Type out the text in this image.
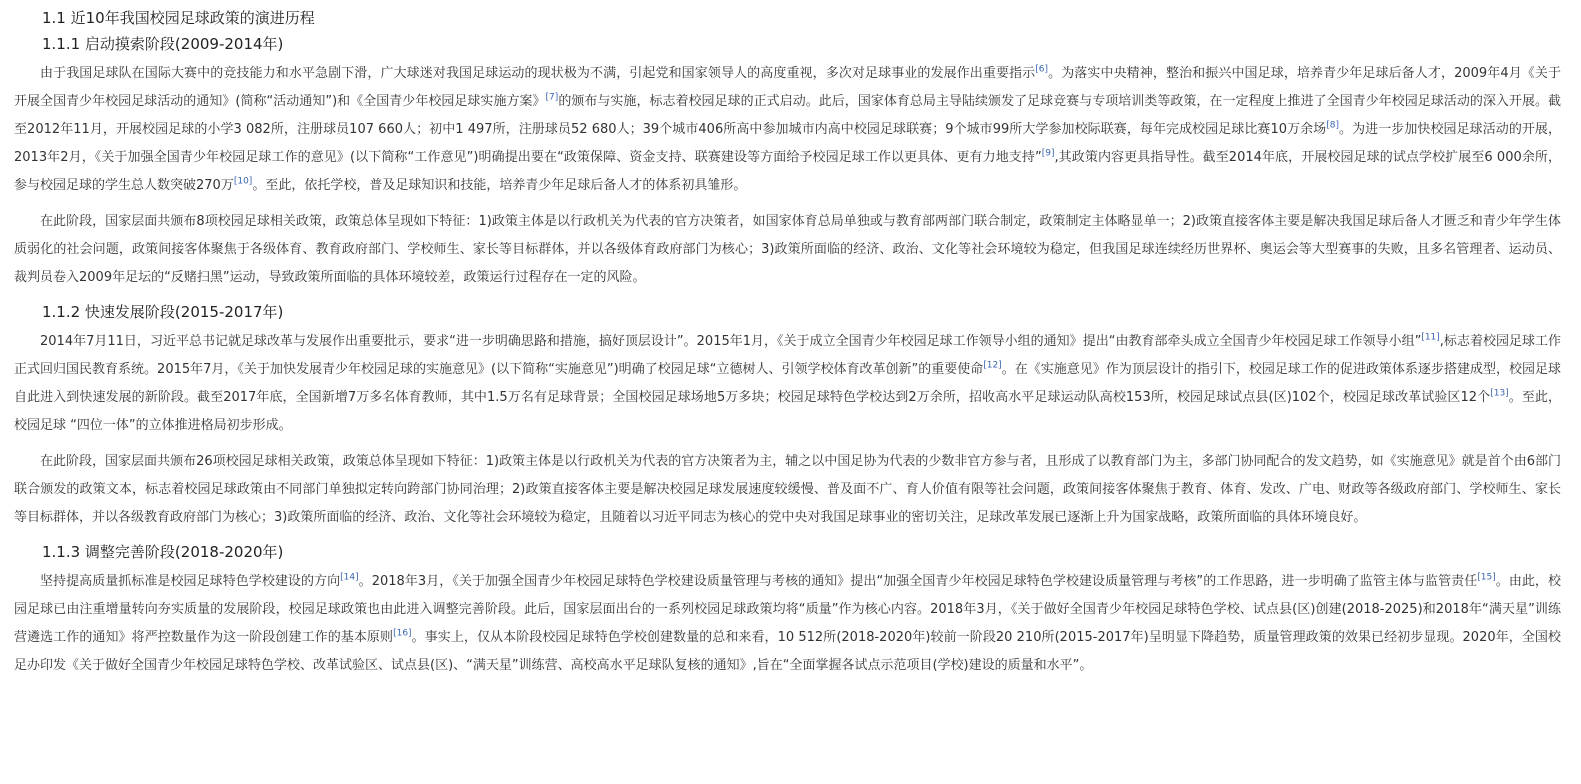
1.1 近10年我国校园足球政策的演进历程
1.1.1 启动摸索阶段(2009-2014年)

由于我国足球队在国际大赛中的竞技能力和水平急剧下滑，广大球迷对我国足球运动的现状极为不满，引起党和国家领导人的高度重视，多次对足球事业的发展作出重要指示[6]。为落实中央精神，整治和振兴中国足球，培养青少年足球后备人才，2009年4月《关于开展全国青少年校园足球活动的通知》(简称“活动通知”)和《全国青少年校园足球实施方案》[7]的颁布与实施，标志着校园足球的正式启动。此后，国家体育总局主导陆续颁发了足球竞赛与专项培训类等政策，在一定程度上推进了全国青少年校园足球活动的深入开展。截至2012年11月，开展校园足球的小学3 082所，注册球员107 660人；初中1 497所，注册球员52 680人；39个城市406所高中参加城市内高中校园足球联赛；9个城市99所大学参加校际联赛，每年完成校园足球比赛10万余场[8]。为进一步加快校园足球活动的开展，2013年2月，《关于加强全国青少年校园足球工作的意见》(以下简称“工作意见”)明确提出要在“政策保障、资金支持、联赛建设等方面给予校园足球工作以更具体、更有力地支持”[9],其政策内容更具指导性。截至2014年底，开展校园足球的试点学校扩展至6 000余所，参与校园足球的学生总人数突破270万[10]。至此，依托学校，普及足球知识和技能，培养青少年足球后备人才的体系初具雏形。

在此阶段，国家层面共颁布8项校园足球相关政策，政策总体呈现如下特征：1)政策主体是以行政机关为代表的官方决策者，如国家体育总局单独或与教育部两部门联合制定，政策制定主体略显单一；2)政策直接客体主要是解决我国足球后备人才匮乏和青少年学生体质弱化的社会问题，政策间接客体聚焦于各级体育、教育政府部门、学校师生、家长等目标群体，并以各级体育政府部门为核心；3)政策所面临的经济、政治、文化等社会环境较为稳定，但我国足球连续经历世界杯、奥运会等大型赛事的失败，且多名管理者、运动员、裁判员卷入2009年足坛的“反赌扫黑”运动，导致政策所面临的具体环境较差，政策运行过程存在一定的风险。

1.1.2 快速发展阶段(2015-2017年)

2014年7月11日，习近平总书记就足球改革与发展作出重要批示，要求“进一步明确思路和措施，搞好顶层设计”。2015年1月，《关于成立全国青少年校园足球工作领导小组的通知》提出“由教育部牵头成立全国青少年校园足球工作领导小组”[11],标志着校园足球工作正式回归国民教育系统。2015年7月，《关于加快发展青少年校园足球的实施意见》(以下简称“实施意见”)明确了校园足球“立德树人、引领学校体育改革创新”的重要使命[12]。在《实施意见》作为顶层设计的指引下，校园足球工作的促进政策体系逐步搭建成型，校园足球自此进入到快速发展的新阶段。截至2017年底，全国新增7万多名体育教师，其中1.5万名有足球背景；全国校园足球场地5万多块；校园足球特色学校达到2万余所，招收高水平足球运动队高校153所，校园足球试点县(区)102个，校园足球改革试验区12个[13]。至此，校园足球 “四位一体”的立体推进格局初步形成。

在此阶段，国家层面共颁布26项校园足球相关政策，政策总体呈现如下特征：1)政策主体是以行政机关为代表的官方决策者为主，辅之以中国足协为代表的少数非官方参与者，且形成了以教育部门为主，多部门协同配合的发文趋势，如《实施意见》就是首个由6部门联合颁发的政策文本，标志着校园足球政策由不同部门单独拟定转向跨部门协同治理；2)政策直接客体主要是解决校园足球发展速度较缓慢、普及面不广、育人价值有限等社会问题，政策间接客体聚焦于教育、体育、发改、广电、财政等各级政府部门、学校师生、家长等目标群体，并以各级教育政府部门为核心；3)政策所面临的经济、政治、文化等社会环境较为稳定，且随着以习近平同志为核心的党中央对我国足球事业的密切关注，足球改革发展已逐渐上升为国家战略，政策所面临的具体环境良好。

1.1.3 调整完善阶段(2018-2020年)

坚持提高质量抓标准是校园足球特色学校建设的方向[14]。2018年3月，《关于加强全国青少年校园足球特色学校建设质量管理与考核的通知》提出“加强全国青少年校园足球特色学校建设质量管理与考核”的工作思路，进一步明确了监管主体与监管责任[15]。由此，校园足球已由注重增量转向夯实质量的发展阶段，校园足球政策也由此进入调整完善阶段。此后，国家层面出台的一系列校园足球政策均将“质量”作为核心内容。2018年3月，《关于做好全国青少年校园足球特色学校、试点县(区)创建(2018-2025)和2018年“满天星”训练营遴选工作的通知》将严控数量作为这一阶段创建工作的基本原则[16]。事实上，仅从本阶段校园足球特色学校创建数量的总和来看，10 512所(2018-2020年)较前一阶段20 210所(2015-2017年)呈明显下降趋势，质量管理政策的效果已经初步显现。2020年，全国校足办印发《关于做好全国青少年校园足球特色学校、改革试验区、试点县(区)、“满天星”训练营、高校高水平足球队复核的通知》,旨在“全面掌握各试点示范项目(学校)建设的质量和水平”。
